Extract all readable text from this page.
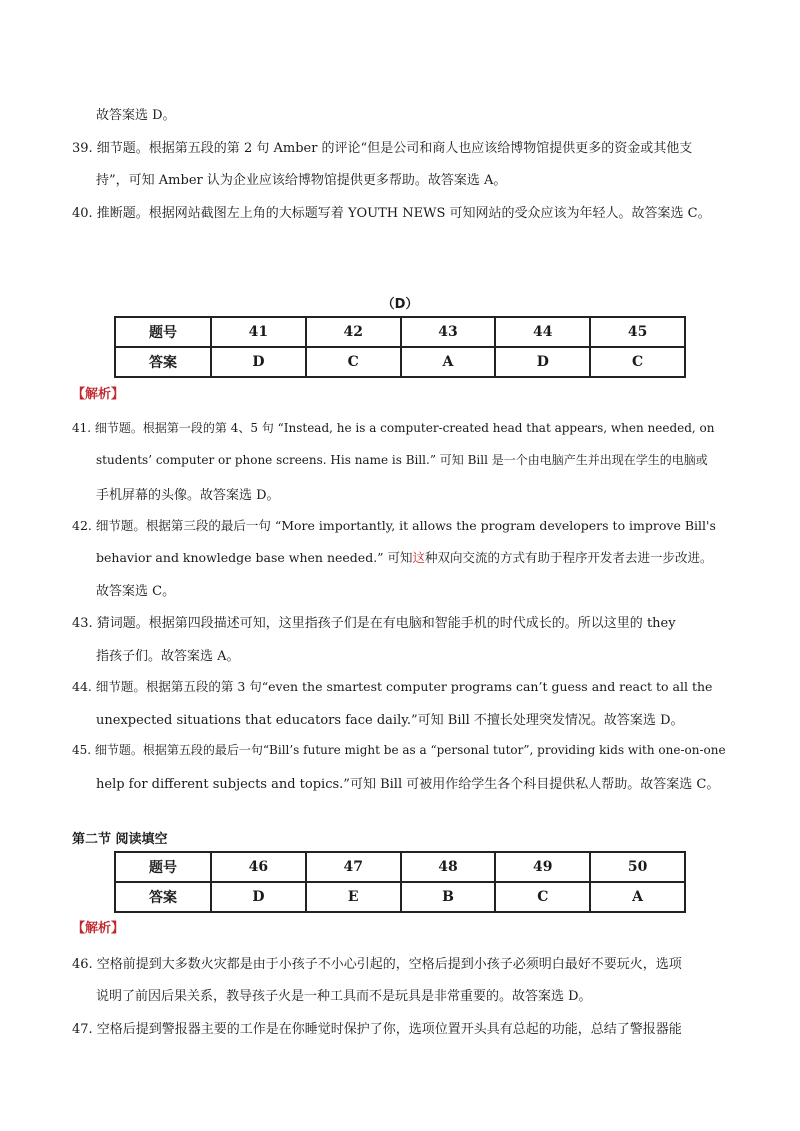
故答案选 D。
39. 细节题。根据第五段的第 2 句 Amber 的评论“但是公司和商人也应该给博物馆提供更多的资金或其他支
持”，可知 Amber 认为企业应该给博物馆提供更多帮助。故答案选 A。
40. 推断题。根据网站截图左上角的大标题写着 YOUTH NEWS 可知网站的受众应该为年轻人。故答案选 C。
（D）
题号	41	42	43	44	45
答案	D	C	A	D	C
【解析】
41. 细节题。根据第一段的第 4、5 句 “Instead, he is a computer-created head that appears, when needed, on
students’ computer or phone screens. His name is Bill.” 可知 Bill 是一个由电脑产生并出现在学生的电脑或
手机屏幕的头像。故答案选 D。
42. 细节题。根据第三段的最后一句 “More importantly, it allows the program developers to improve Bill's
behavior and knowledge base when needed.” 可知这种双向交流的方式有助于程序开发者去进一步改进。
故答案选 C。
43. 猜词题。根据第四段描述可知，这里指孩子们是在有电脑和智能手机的时代成长的。所以这里的 they
指孩子们。故答案选 A。
44. 细节题。根据第五段的第 3 句“even the smartest computer programs can’t guess and react to all the
unexpected situations that educators face daily.”可知 Bill 不擅长处理突发情况。故答案选 D。
45. 细节题。根据第五段的最后一句“Bill’s future might be as a “personal tutor”, providing kids with one-on-one
help for different subjects and topics.”可知 Bill 可被用作给学生各个科目提供私人帮助。故答案选 C。
第二节 阅读填空
题号	46	47	48	49	50
答案	D	E	B	C	A
【解析】
46. 空格前提到大多数火灾都是由于小孩子不小心引起的，空格后提到小孩子必须明白最好不要玩火，选项
说明了前因后果关系，教导孩子火是一种工具而不是玩具是非常重要的。故答案选 D。
47. 空格后提到警报器主要的工作是在你睡觉时保护了你，选项位置开头具有总起的功能，总结了警报器能
